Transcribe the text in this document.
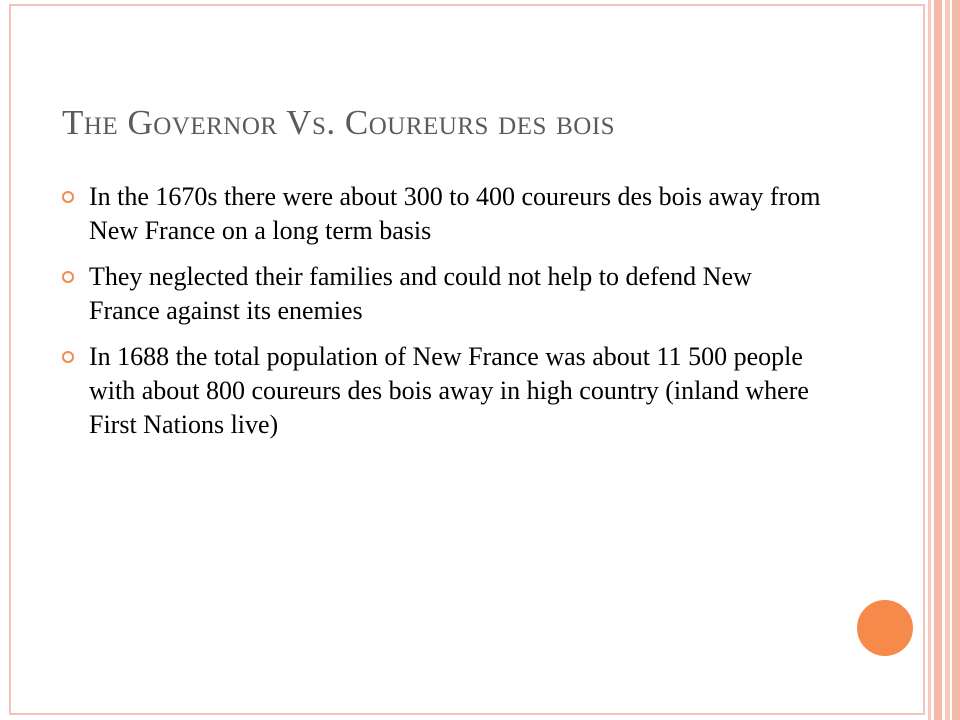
The Governor Vs. Coureurs des bois
In the 1670s there were about 300 to 400 coureurs des bois away from New France on a long term basis
They neglected their families and could not help to defend New France against its enemies
In 1688 the total population of New France was about 11 500 people with about 800 coureurs des bois away in high country (inland where First Nations live)
